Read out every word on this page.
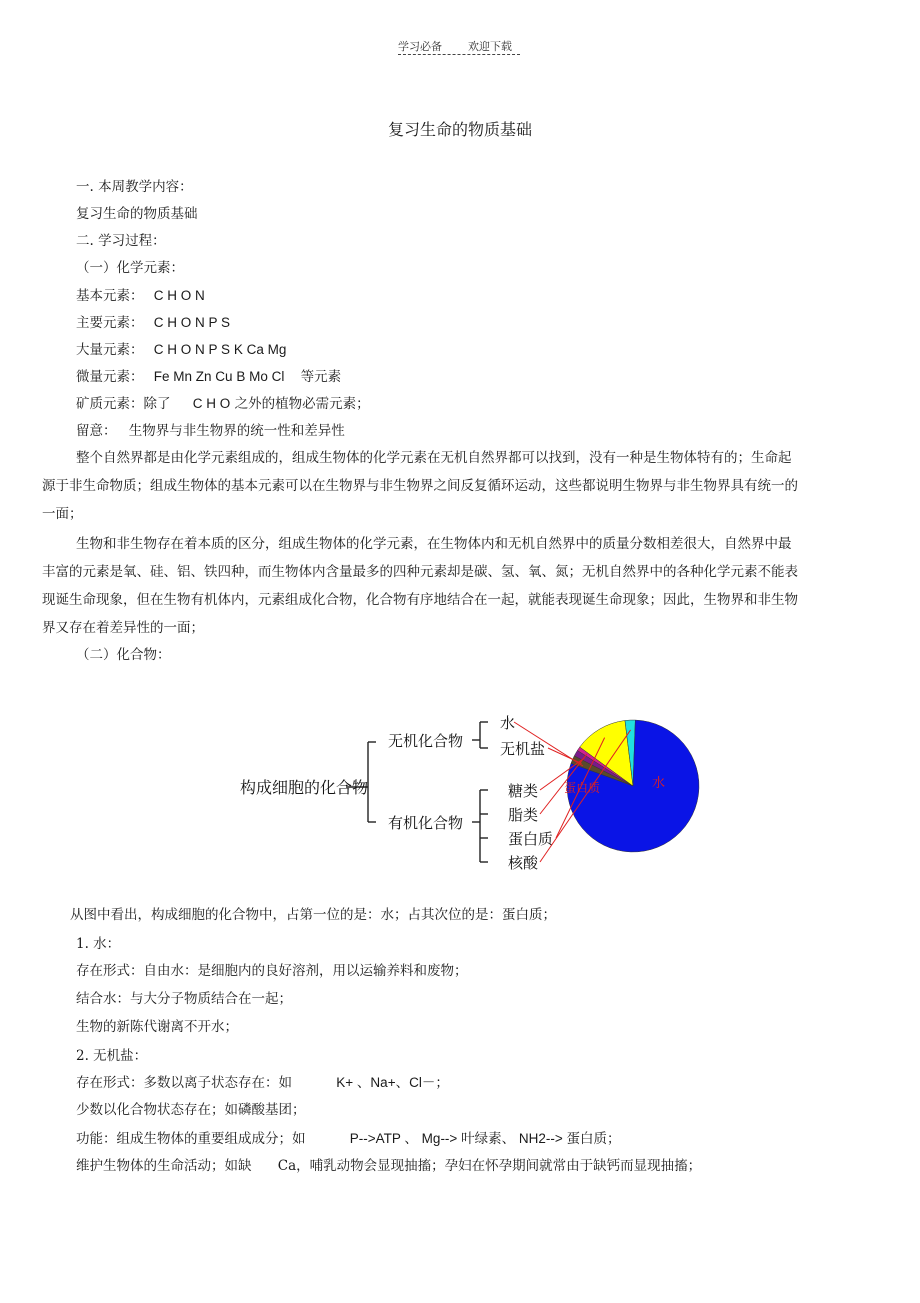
学习必备 欢迎下载
复习生命的物质基础
一. 本周教学内容：
复习生命的物质基础
二. 学习过程：
（一）化学元素：
基本元素： C H O N
主要元素： C H O N P S
大量元素： C H O N P S K Ca Mg
微量元素： Fe Mn Zn Cu B Mo Cl 等元素
矿质元素：除了 C H O 之外的植物必需元素；
留意： 生物界与非生物界的统一性和差异性
整个自然界都是由化学元素组成的，组成生物体的化学元素在无机自然界都可以找到，没有一种是生物体特有的；生命起源于非生命物质；组成生物体的基本元素可以在生物界与非生物界之间反复循环运动，这些都说明生物界与非生物界具有统一的一面；
生物和非生物存在着本质的区分，组成生物体的化学元素，在生物体内和无机自然界中的质量分数相差很大，自然界中最丰富的元素是氧、硅、铝、铁四种，而生物体内含量最多的四种元素却是碳、氢、氧、氮；无机自然界中的各种化学元素不能表现诞生命现象，但在生物有机体内，元素组成化合物，化合物有序地结合在一起，就能表现诞生命现象；因此，生物界和非生物界又存在着差异性的一面；
（二）化合物：
构成细胞的化合物
无机化合物
有机化合物
水
无机盐
糖类
脂类
蛋白质
核酸
水
蛋白质
从图中看出，构成细胞的化合物中，占第一位的是：水；占其次位的是：蛋白质；
1. 水：
存在形式：自由水：是细胞内的良好溶剂，用以运输养料和废物；
结合水：与大分子物质结合在一起；
生物的新陈代谢离不开水；
2. 无机盐：
存在形式：多数以离子状态存在：如	K+ 、Na+、Cl－；
少数以化合物状态存在；如磷酸基团；
功能：组成生物体的重要组成成分；如	P-->ATP 、 Mg--> 叶绿素、 NH2--> 蛋白质；
维护生物体的生命活动；如缺 Ca，哺乳动物会显现抽搐；孕妇在怀孕期间就常由于缺钙而显现抽搐；
